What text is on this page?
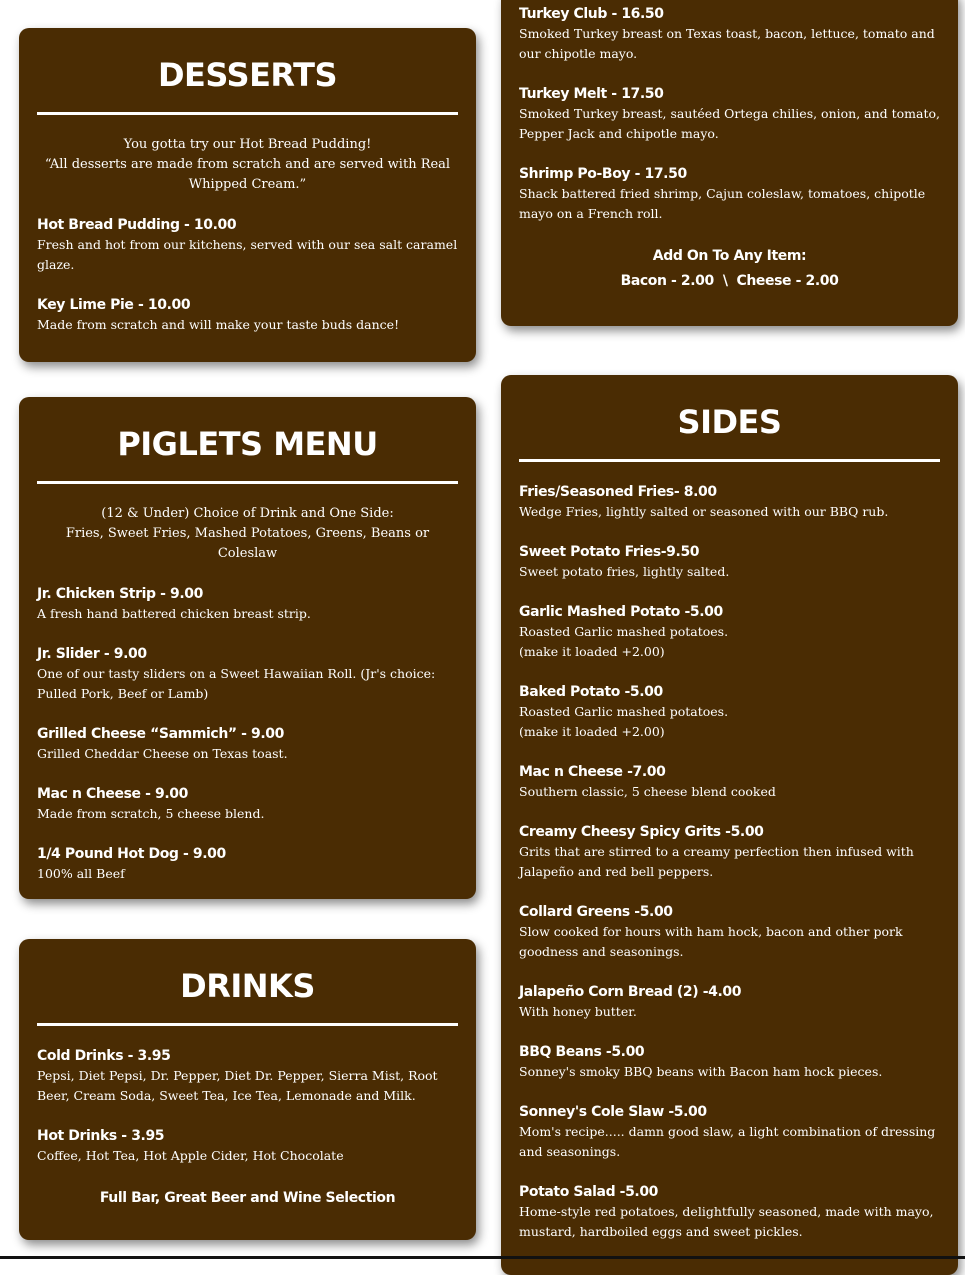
Turkey Club - 16.50
Smoked Turkey breast on Texas toast, bacon, lettuce, tomato and our chipotle mayo.
Turkey Melt - 17.50
Smoked Turkey breast, sautéed Ortega chilies, onion, and tomato, Pepper Jack and chipotle mayo.
Shrimp Po-Boy - 17.50
Shack battered fried shrimp, Cajun coleslaw, tomatoes, chipotle mayo on a French roll.
Add On To Any Item:
Bacon - 2.00  \  Cheese - 2.00
DESSERTS
You gotta try our Hot Bread Pudding!
“All desserts are made from scratch and are served with Real Whipped Cream.”
Hot Bread Pudding - 10.00
Fresh and hot from our kitchens, served with our sea salt caramel glaze.
Key Lime Pie - 10.00
Made from scratch and will make your taste buds dance!
PIGLETS MENU
(12 & Under) Choice of Drink and One Side:
Fries, Sweet Fries, Mashed Potatoes, Greens, Beans or Coleslaw
Jr. Chicken Strip - 9.00
A fresh hand battered chicken breast strip.
Jr. Slider - 9.00
One of our tasty sliders on a Sweet Hawaiian Roll. (Jr's choice: Pulled Pork, Beef or Lamb)
Grilled Cheese “Sammich” - 9.00
Grilled Cheddar Cheese on Texas toast.
Mac n Cheese - 9.00
Made from scratch, 5 cheese blend.
1/4 Pound Hot Dog - 9.00
100% all Beef
DRINKS
Cold Drinks - 3.95
Pepsi, Diet Pepsi, Dr. Pepper, Diet Dr. Pepper, Sierra Mist, Root Beer, Cream Soda, Sweet Tea, Ice Tea, Lemonade and Milk.
Hot Drinks - 3.95
Coffee, Hot Tea, Hot Apple Cider, Hot Chocolate
Full Bar, Great Beer and Wine Selection
SIDES
Fries/Seasoned Fries- 8.00
Wedge Fries, lightly salted or seasoned with our BBQ rub.
Sweet Potato Fries-9.50
Sweet potato fries, lightly salted.
Garlic Mashed Potato -5.00
Roasted Garlic mashed potatoes.
(make it loaded +2.00)
Baked Potato -5.00
Roasted Garlic mashed potatoes.
(make it loaded +2.00)
Mac n Cheese -7.00
Southern classic, 5 cheese blend cooked
Creamy Cheesy Spicy Grits -5.00
Grits that are stirred to a creamy perfection then infused with Jalapeño and red bell peppers.
Collard Greens -5.00
Slow cooked for hours with ham hock, bacon and other pork goodness and seasonings.
Jalapeño Corn Bread (2) -4.00
With honey butter.
BBQ Beans -5.00
Sonney's smoky BBQ beans with Bacon ham hock pieces.
Sonney's Cole Slaw -5.00
Mom's recipe..... damn good slaw, a light combination of dressing and seasonings.
Potato Salad -5.00
Home-style red potatoes, delightfully seasoned, made with mayo, mustard, hardboiled eggs and sweet pickles.
